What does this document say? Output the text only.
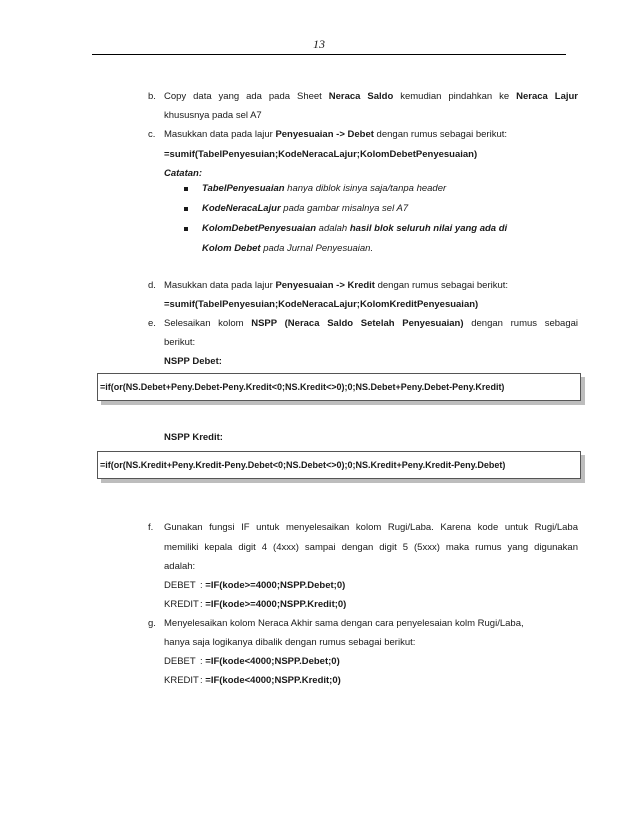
13
b. Copy data yang ada pada Sheet Neraca Saldo kemudian pindahkan ke Neraca Lajur
khususnya pada sel A7
c. Masukkan data pada lajur Penyesuaian -> Debet dengan rumus sebagai berikut:
=sumif(TabelPenyesuian;KodeNeracaLajur;KolomDebetPenyesuaian)
Catatan:
TabelPenyesuaian hanya diblok isinya saja/tanpa header
KodeNeracaLajur pada gambar misalnya sel A7
KolomDebetPenyesuaian adalah hasil blok seluruh nilai yang ada di
Kolom Debet pada Jurnal Penyesuaian.
d. Masukkan data pada lajur Penyesuaian -> Kredit dengan rumus sebagai berikut:
=sumif(TabelPenyesuian;KodeNeracaLajur;KolomKreditPenyesuaian)
e. Selesaikan kolom NSPP (Neraca Saldo Setelah Penyesuaian) dengan rumus sebagai
berikut:
NSPP Debet:
=if(or(NS.Debet+Peny.Debet-Peny.Kredit<0;NS.Kredit<>0);0;NS.Debet+Peny.Debet-Peny.Kredit)
NSPP Kredit:
=if(or(NS.Kredit+Peny.Kredit-Peny.Debet<0;NS.Debet<>0);0;NS.Kredit+Peny.Kredit-Peny.Debet)
f. Gunakan fungsi IF untuk menyelesaikan kolom Rugi/Laba. Karena kode untuk Rugi/Laba
memiliki kepala digit 4 (4xxx) sampai dengan digit 5 (5xxx) maka rumus yang digunakan
adalah:
DEBET : =IF(kode>=4000;NSPP.Debet;0)
KREDIT: =IF(kode>=4000;NSPP.Kredit;0)
g. Menyelesaikan kolom Neraca Akhir sama dengan cara penyelesaian kolm Rugi/Laba,
hanya saja logikanya dibalik dengan rumus sebagai berikut:
DEBET : =IF(kode<4000;NSPP.Debet;0)
KREDIT: =IF(kode<4000;NSPP.Kredit;0)
